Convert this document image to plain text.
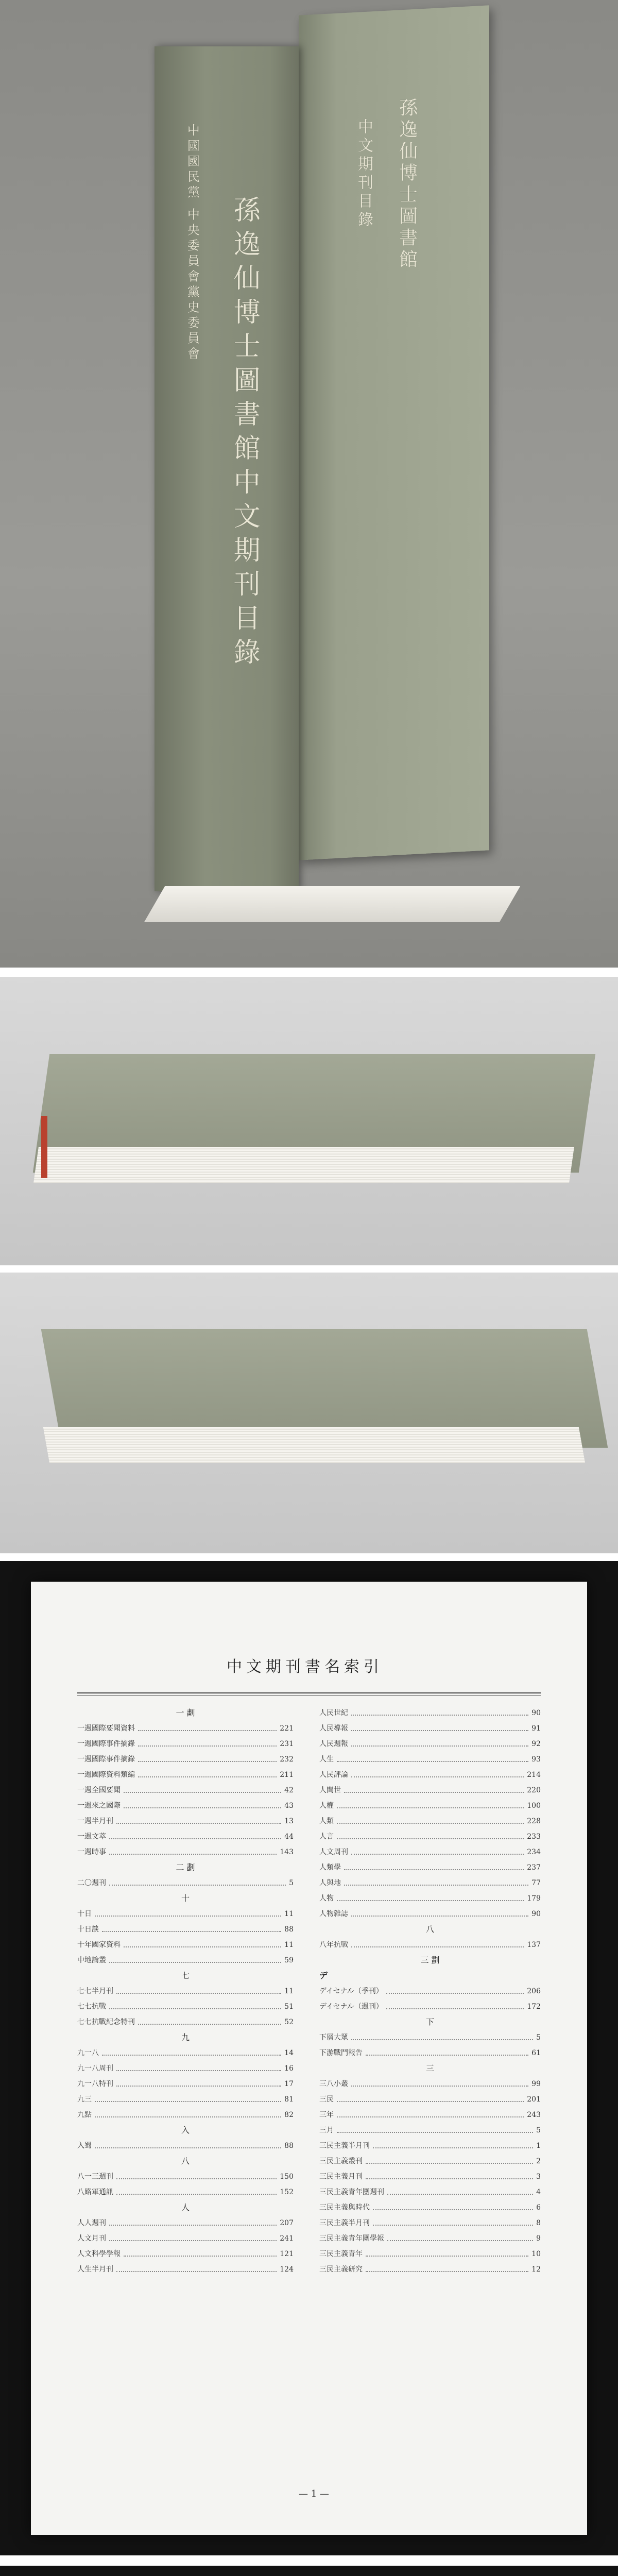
中國國民黨 中央委員會黨史委員會 孫逸仙博士圖書館中文期刊目錄
孫逸仙博士圖書館
中文期刊目錄
中文期刊書名索引
一 劃
一週國際要聞資料	221
一週國際事件摘錄	231
一週國際事件摘錄	232
一週國際資料類編	211
一週全國要聞	42
一週來之國際	43
一週半月刊	13
一週文萃	44
一週時事	143
二 劃
二〇週刊	5
十
十日	11
十日談	88
十年國家資料	11
中地論叢	59
七
七七半月刊	11
七七抗戰	51
七七抗戰紀念特刊	52
九
九一八	14
九一八周刊	16
九一八特刊	17
九三	81
九點	82
入
入蜀	88
八
八一三週刊	150
八路軍通訊	152
人
人人週刊	207
人文月刊	241
人文科學學報	121
人生半月刊	124
人民世紀	90
人民導報	91
人民週報	92
人生	93
人民評論	214
人間世	220
人權	100
人類	228
人言	233
人文周刊	234
人類學	237
人與地	77
人物	179
人物雜誌	90
八
八年抗戰	137
三 劃
デ
デイセナル（季刊）	206
デイセナル（週刊）	172
下
下層大眾	5
下游戰鬥報告	61
三
三八小叢	99
三民	201
三年	243
三月	5
三民主義半月刊	1
三民主義叢刊	2
三民主義月刊	3
三民主義青年團週刊	4
三民主義與時代	6
三民主義半月刊	8
三民主義青年團學報	9
三民主義青年	10
三民主義研究	12
— 1 —
